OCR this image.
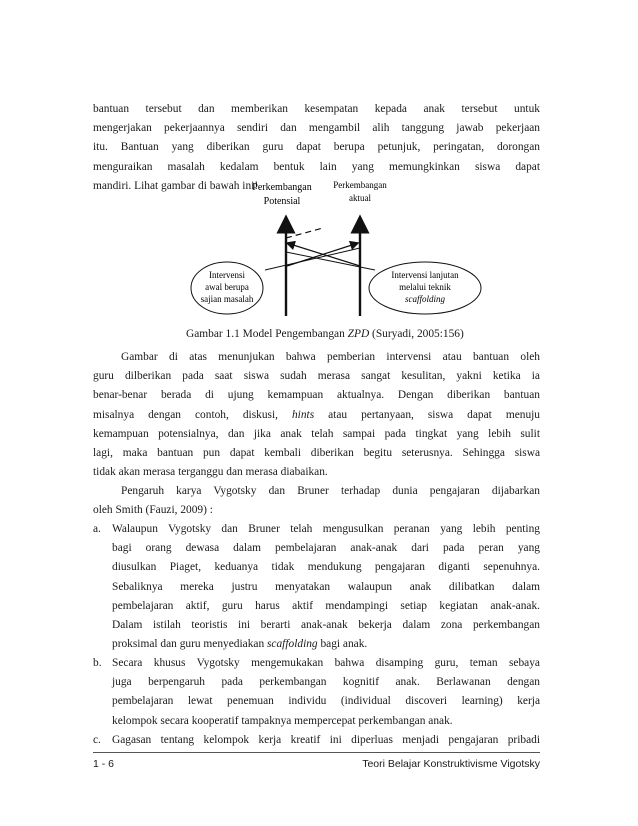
bantuan tersebut dan memberikan kesempatan kepada anak tersebut untuk
mengerjakan pekerjaannya sendiri dan mengambil alih tanggung jawab pekerjaan
itu. Bantuan yang diberikan guru dapat berupa petunjuk, peringatan, dorongan
menguraikan masalah kedalam bentuk lain yang memungkinkan siswa dapat
mandiri. Lihat gambar di bawah ini!
Perkembangan
Potensial
Perkembangan
aktual
Intervensi
awal berupa
sajian masalah
Intervensi lanjutan
melalui teknik
scaffolding
Gambar 1.1 Model Pengembangan ZPD (Suryadi, 2005:156)
Gambar di atas menunjukan bahwa pemberian intervensi atau bantuan oleh
guru dilberikan pada saat siswa sudah merasa sangat kesulitan, yakni ketika ia
benar-benar berada di ujung kemampuan aktualnya. Dengan diberikan bantuan
misalnya dengan contoh, diskusi, hints atau pertanyaan, siswa dapat menuju
kemampuan potensialnya, dan jika anak telah sampai pada tingkat yang lebih sulit
lagi, maka bantuan pun dapat kembali diberikan begitu seterusnya. Sehingga siswa
tidak akan merasa terganggu dan merasa diabaikan.
Pengaruh karya Vygotsky dan Bruner terhadap dunia pengajaran dijabarkan
oleh Smith (Fauzi, 2009) :
a. Walaupun Vygotsky dan Bruner telah mengusulkan peranan yang lebih penting
bagi orang dewasa dalam pembelajaran anak-anak dari pada peran yang
diusulkan Piaget, keduanya tidak mendukung pengajaran diganti sepenuhnya.
Sebaliknya mereka justru menyatakan walaupun anak dilibatkan dalam
pembelajaran aktif, guru harus aktif mendampingi setiap kegiatan anak-anak.
Dalam istilah teoristis ini berarti anak-anak bekerja dalam zona perkembangan
proksimal dan guru menyediakan scaffolding bagi anak.
b. Secara khusus Vygotsky mengemukakan bahwa disamping guru, teman sebaya
juga berpengaruh pada perkembangan kognitif anak. Berlawanan dengan
pembelajaran lewat penemuan individu (individual discoveri learning) kerja
kelompok secara kooperatif tampaknya mempercepat perkembangan anak.
c. Gagasan tentang kelompok kerja kreatif ini diperluas menjadi pengajaran pribadi
1 - 6	Teori Belajar Konstruktivisme Vigotsky
